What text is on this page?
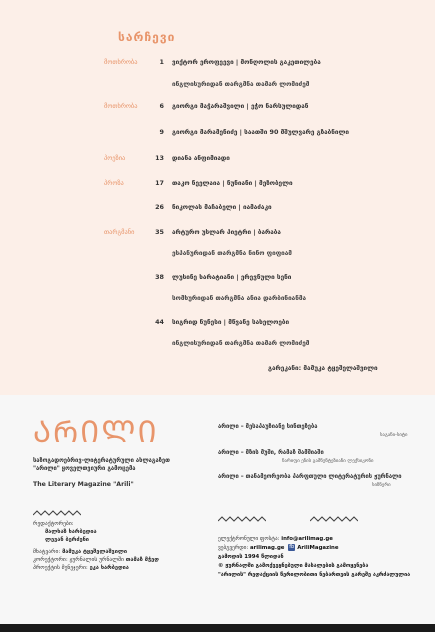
სარჩევი
მოთხრობა	1 ვიქტორ ეროფეევი | მონღოლის გაკეთილება
ინგლისურიდან თარგმნა თამარ ლომიძემ
მოთხრობა	6 გიორგი მაჭარაშვილი | ეჭო ნარსულიდან
9 გიორგი მარამენიძე | საათში 90 მშულვარე გზაბნილი
პოეზია	13 დიანა ანფიმიადი
პროზა	17 თაკო ნეელაია | ნუნიანი | მეზობელი
26 ნიკოლას მაჩაბელი | იამაძაკი
თარგმანი	35 არტურო უსლარ პიეტრი | ბარაბა
ესპანურიდან თარგმნა ნინო ფიფიამ
38 ლუსინე ხარატიანი | ერევნული სენი
სომხურიდან თარგმნა ანია დარბინიანმა
44 სიგრიდ ნუნესი | მწვანე სახელოები
ინგლისურიდან თარგმნა თამარ ლომიძემ
გარეკანი: მამუკა ტყეშელაშვილი
ᲐᲠᲘᲚᲘ
საზოგადოებრივ-ლიტერატურული ახლაგაზეთ
"არილი" ყოველთვიური გამოცემა
The Literary Magazine "Arili"
რედაქტორები:
მალხაზ ხარბედია
ლევან ბერძენი
მხატვარი: მამუკა ტყეშელაშვილი
კორექტორი: ჟურნალის ურნალში თამაზ მჭედ
პროექტის მენეჯერი: ეკა ხარბედია
არილი – მესაპაუზიანე სინთეზება
საგანი-სიტი
არილი – მზის მუში, რამაზ შამშიაში
ნარიფი ენის გამნუნტეზიანი ლექსიკონი
არილი – თანამეორეობა პარფთული ლიტერატურის ჟურნალი
სიზნერი
ელექტრონული ფოსტა: info@arilimag.ge
ვებგვერდი: arilimag.ge fb AriliMagazine
გამოდის 1994 წლიდან
© ჟურნალში გამოქვეყნებული მასალების გამოყენება
"არილის" რედაქციის წერილობითი ნებართვის გარეშე აკრძალულია
